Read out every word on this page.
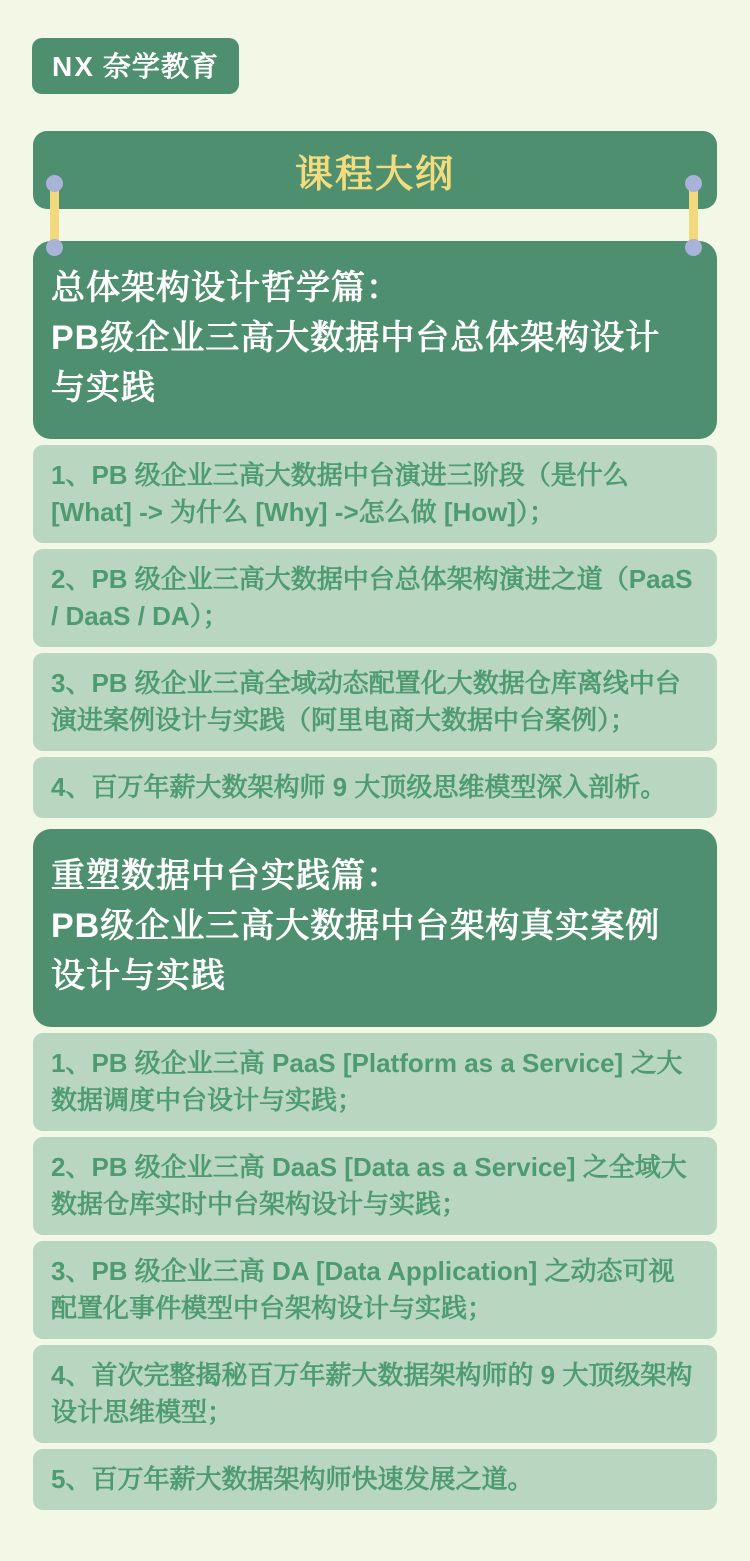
NX 奈学教育
课程大纲
总体架构设计哲学篇：
PB级企业三高大数据中台总体架构设计
与实践
1、PB 级企业三高大数据中台演进三阶段（是什么 [What] -> 为什么 [Why] ->怎么做 [How]）；
2、PB 级企业三高大数据中台总体架构演进之道（PaaS / DaaS / DA）；
3、PB 级企业三高全域动态配置化大数据仓库离线中台演进案例设计与实践（阿里电商大数据中台案例）；
4、百万年薪大数架构师 9 大顶级思维模型深入剖析。
重塑数据中台实践篇：
PB级企业三高大数据中台架构真实案例
设计与实践
1、PB 级企业三高 PaaS [Platform as a Service] 之大数据调度中台设计与实践；
2、PB 级企业三高 DaaS [Data as a Service] 之全域大数据仓库实时中台架构设计与实践；
3、PB 级企业三高 DA [Data Application] 之动态可视配置化事件模型中台架构设计与实践；
4、首次完整揭秘百万年薪大数据架构师的 9 大顶级架构设计思维模型；
5、百万年薪大数据架构师快速发展之道。
